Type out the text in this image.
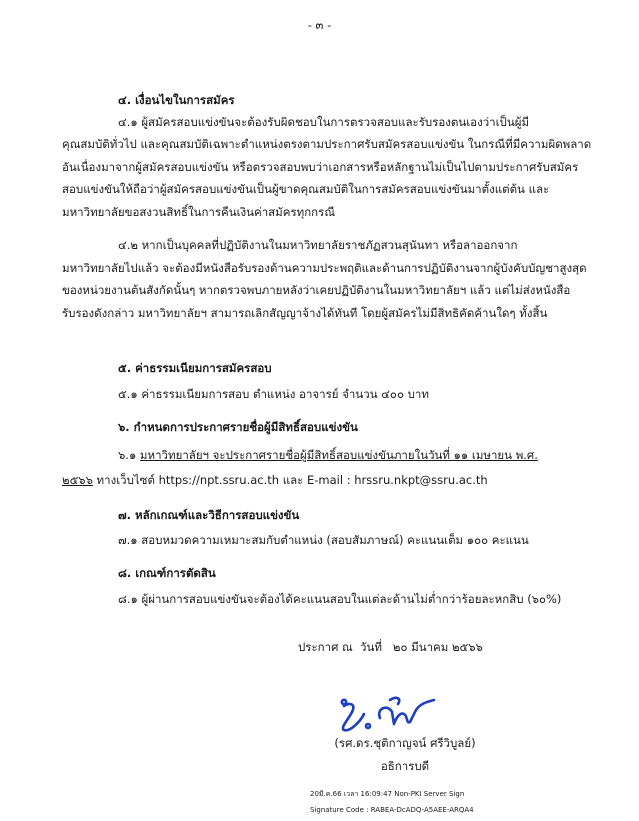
- ๓ -
๔. เงื่อนไขในการสมัคร
๔.๑ ผู้สมัครสอบแข่งขันจะต้องรับผิดชอบในการตรวจสอบและรับรองตนเองว่าเป็นผู้มี
คุณสมบัติทั่วไป และคุณสมบัติเฉพาะตำแหน่งตรงตามประกาศรับสมัครสอบแข่งขัน ในกรณีที่มีความผิดพลาด
อันเนื่องมาจากผู้สมัครสอบแข่งขัน หรือตรวจสอบพบว่าเอกสารหรือหลักฐานไม่เป็นไปตามประกาศรับสมัคร
สอบแข่งขันให้ถือว่าผู้สมัครสอบแข่งขันเป็นผู้ขาดคุณสมบัติในการสมัครสอบแข่งขันมาตั้งแต่ต้น และ
มหาวิทยาลัยขอสงวนสิทธิ์ในการคืนเงินค่าสมัครทุกกรณี
๔.๒ หากเป็นบุคคลที่ปฏิบัติงานในมหาวิทยาลัยราชภัฏสวนสุนันทา หรือลาออกจาก
มหาวิทยาลัยไปแล้ว จะต้องมีหนังสือรับรองด้านความประพฤติและด้านการปฏิบัติงานจากผู้บังคับบัญชาสูงสุด
ของหน่วยงานต้นสังกัดนั้นๆ หากตรวจพบภายหลังว่าเคยปฏิบัติงานในมหาวิทยาลัยฯ แล้ว แต่ไม่ส่งหนังสือ
รับรองดังกล่าว มหาวิทยาลัยฯ สามารถเลิกสัญญาจ้างได้ทันที โดยผู้สมัครไม่มีสิทธิคัดค้านใดๆ ทั้งสิ้น
๕. ค่าธรรมเนียมการสมัครสอบ
๕.๑ ค่าธรรมเนียมการสอบ ตำแหน่ง อาจารย์ จำนวน ๔๐๐ บาท
๖. กำหนดการประกาศรายชื่อผู้มีสิทธิ์สอบแข่งขัน
๖.๑ มหาวิทยาลัยฯ จะประกาศรายชื่อผู้มีสิทธิ์สอบแข่งขันภายในวันที่ ๑๑ เมษายน พ.ศ.
๒๕๖๖ ทางเว็บไซต์ https://npt.ssru.ac.th และ E-mail : hrssru.nkpt@ssru.ac.th
๗. หลักเกณฑ์และวิธีการสอบแข่งขัน
๗.๑ สอบหมวดความเหมาะสมกับตำแหน่ง (สอบสัมภาษณ์) คะแนนเต็ม ๑๐๐ คะแนน
๘. เกณฑ์การตัดสิน
๘.๑ ผู้ผ่านการสอบแข่งขันจะต้องได้คะแนนสอบในแต่ละด้านไม่ต่ำกว่าร้อยละหกสิบ (๖๐%)
ประกาศ ณ วันที่ ๒๐ มีนาคม ๒๕๖๖
(รศ.ดร.ชุติกาญจน์ ศรีวิบูลย์)
อธิการบดี
20มี.ค.66 เวลา 16:09:47 Non-PKI Server Sign
Signature Code : RABEA-DcADQ-A5AEE-ARQA4
